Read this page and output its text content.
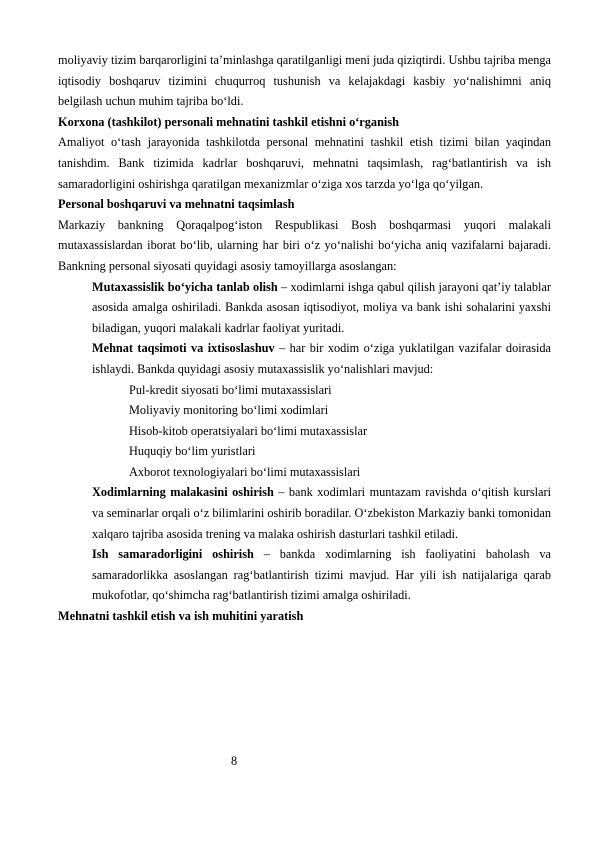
moliyaviy tizim barqarorligini ta’minlashga qaratilganligi meni juda qiziqtirdi. Ushbu tajriba menga iqtisodiy boshqaruv tizimini chuqurroq tushunish va kelajakdagi kasbiy yo‘nalishimni aniq belgilash uchun muhim tajriba bo‘ldi.

Korxona (tashkilot) personali mehnatini tashkil etishni o‘rganish

Amaliyot o‘tash jarayonida tashkilotda personal mehnatini tashkil etish tizimi bilan yaqindan tanishdim. Bank tizimida kadrlar boshqaruvi, mehnatni taqsimlash, rag‘batlantirish va ish samaradorligini oshirishga qaratilgan mexanizmlar o‘ziga xos tarzda yo‘lga qo‘yilgan.

Personal boshqaruvi va mehnatni taqsimlash

Markaziy bankning Qoraqalpog‘iston Respublikasi Bosh boshqarmasi yuqori malakali mutaxassislardan iborat bo‘lib, ularning har biri o‘z yo‘nalishi bo‘yicha aniq vazifalarni bajaradi. Bankning personal siyosati quyidagi asosiy tamoyillarga asoslangan:

Mutaxassislik bo‘yicha tanlab olish – xodimlarni ishga qabul qilish jarayoni qat’iy talablar asosida amalga oshiriladi. Bankda asosan iqtisodiyot, moliya va bank ishi sohalarini yaxshi biladigan, yuqori malakali kadrlar faoliyat yuritadi.

Mehnat taqsimoti va ixtisoslashuv – har bir xodim o‘ziga yuklatilgan vazifalar doirasida ishlaydi. Bankda quyidagi asosiy mutaxassislik yo‘nalishlari mavjud:

Pul-kredit siyosati bo‘limi mutaxassislari
Moliyaviy monitoring bo‘limi xodimlari
Hisob-kitob operatsiyalari bo‘limi mutaxassislar
Huquqiy bo‘lim yuristlari
Axborot texnologiyalari bo‘limi mutaxassislari

Xodimlarning malakasini oshirish – bank xodimlari muntazam ravishda o‘qitish kurslari va seminarlar orqali o‘z bilimlarini oshirib boradilar. O‘zbekiston Markaziy banki tomonidan xalqaro tajriba asosida trening va malaka oshirish dasturlari tashkil etiladi.

Ish samaradorligini oshirish – bankda xodimlarning ish faoliyatini baholash va samaradorlikka asoslangan rag‘batlantirish tizimi mavjud. Har yili ish natijalariga qarab mukofotlar, qo‘shimcha rag‘batlantirish tizimi amalga oshiriladi.

Mehnatni tashkil etish va ish muhitini yaratish

8
